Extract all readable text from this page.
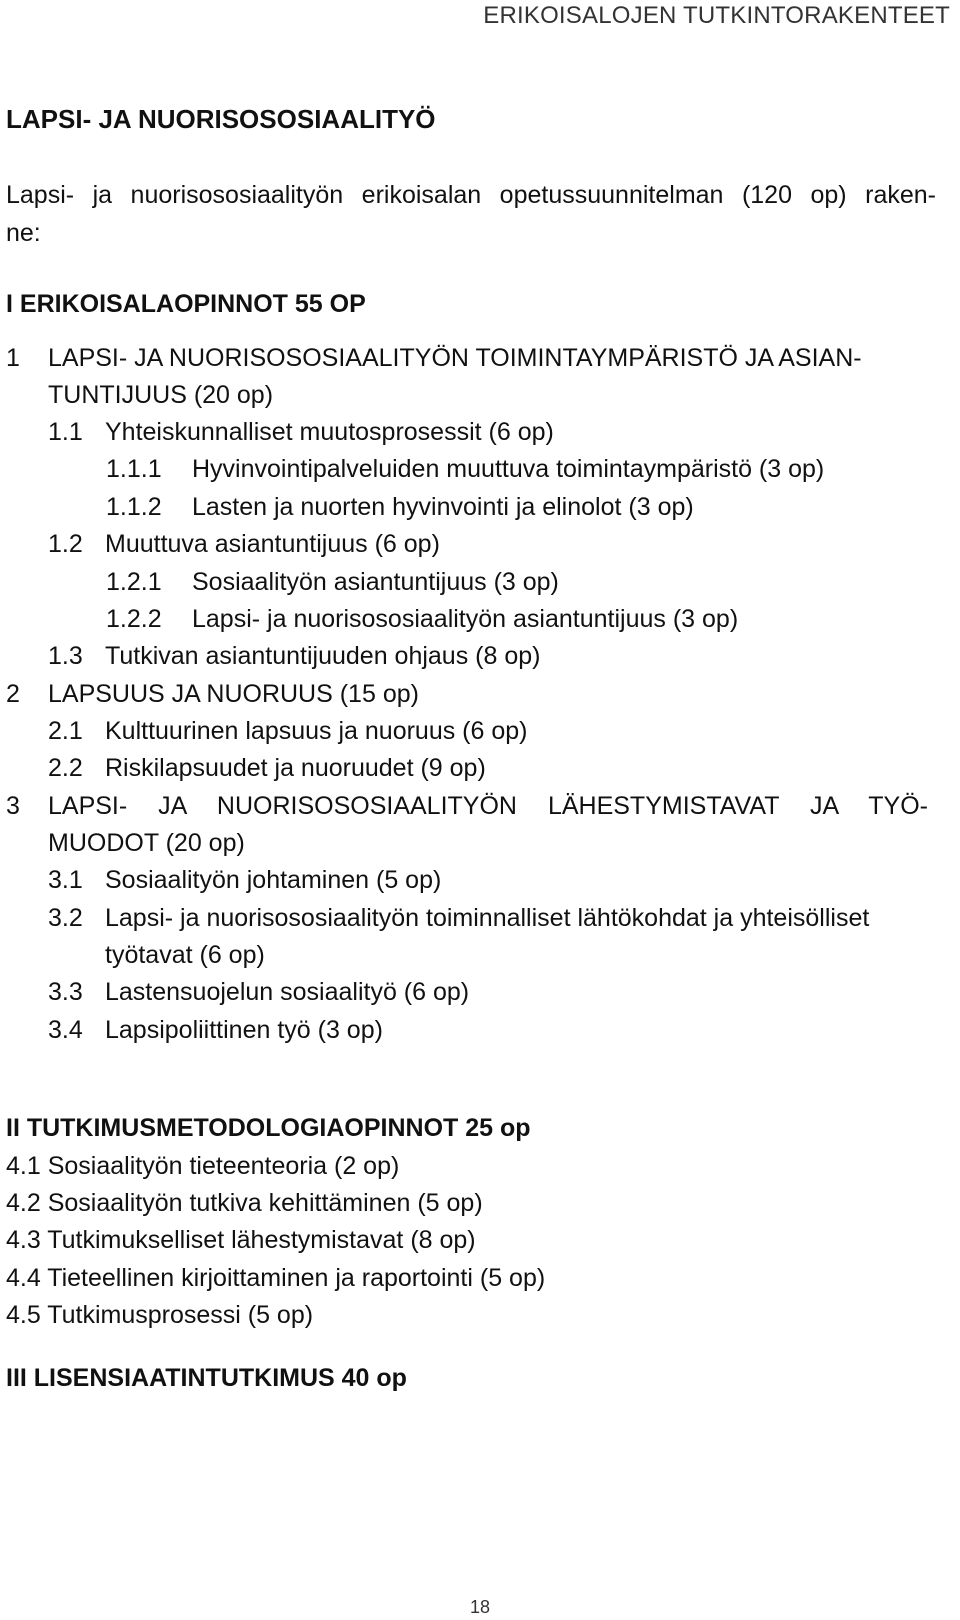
ERIKOISALOJEN TUTKINTORAKENTEET
LAPSI- JA NUORISOSOSIAALITYÖ
Lapsi- ja nuorisososiaalityön erikoisalan opetussuunnitelman (120 op) raken-
ne:
I ERIKOISALAOPINNOT 55 OP
1 LAPSI- JA NUORISOSOSIAALITYÖN TOIMINTAYMPÄRISTÖ JA ASIAN-
TUNTIJUUS (20 op)
1.1 Yhteiskunnalliset muutosprosessit (6 op)
1.1.1 Hyvinvointipalveluiden muuttuva toimintaympäristö (3 op)
1.1.2 Lasten ja nuorten hyvinvointi ja elinolot (3 op)
1.2 Muuttuva asiantuntijuus (6 op)
1.2.1 Sosiaalityön asiantuntijuus (3 op)
1.2.2 Lapsi- ja nuorisososiaalityön asiantuntijuus (3 op)
1.3 Tutkivan asiantuntijuuden ohjaus (8 op)
2 LAPSUUS JA NUORUUS (15 op)
2.1 Kulttuurinen lapsuus ja nuoruus (6 op)
2.2 Riskilapsuudet ja nuoruudet (9 op)
3	LAPSI- JA NUORISOSOSIAALITYÖN LÄHESTYMISTAVAT JA TYÖ-
MUODOT (20 op)
3.1 Sosiaalityön johtaminen (5 op)
3.2 Lapsi- ja nuorisososiaalityön toiminnalliset lähtökohdat ja yhteisölliset
työtavat (6 op)
3.3 Lastensuojelun sosiaalityö (6 op)
3.4 Lapsipoliittinen työ (3 op)
II TUTKIMUSMETODOLOGIAOPINNOT 25 op
4.1 Sosiaalityön tieteenteoria (2 op)
4.2 Sosiaalityön tutkiva kehittäminen (5 op)
4.3 Tutkimukselliset lähestymistavat (8 op)
4.4 Tieteellinen kirjoittaminen ja raportointi (5 op)
4.5 Tutkimusprosessi (5 op)
III LISENSIAATINTUTKIMUS 40 op
18
